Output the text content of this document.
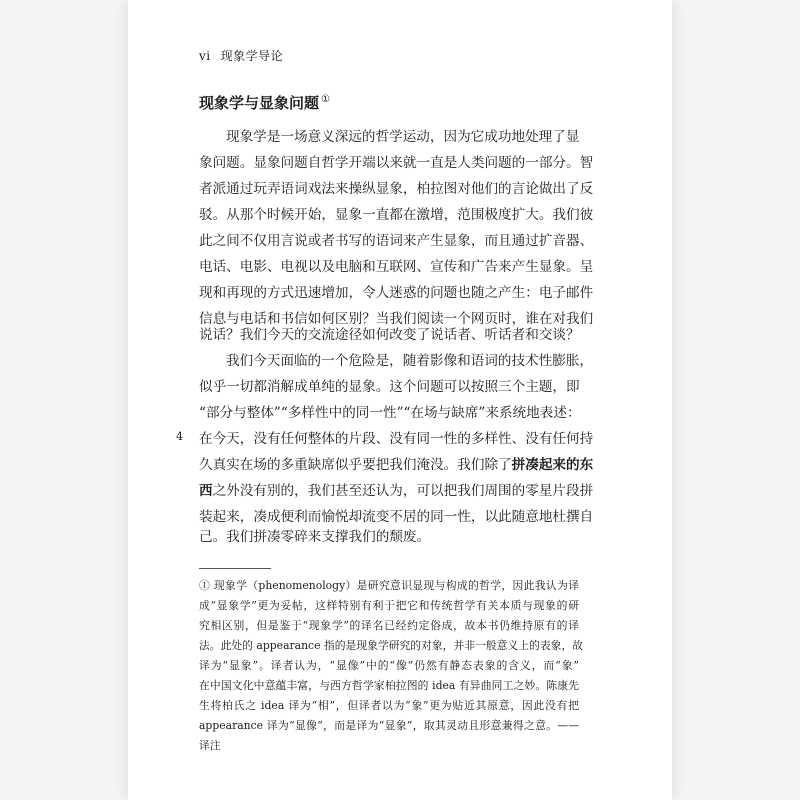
vi 现象学导论
现象学与显象问题 ①
现象学是一场意义深远的哲学运动，因为它成功地处理了显
象问题。显象问题自哲学开端以来就一直是人类问题的一部分。智
者派通过玩弄语词戏法来操纵显象，柏拉图对他们的言论做出了反
驳。从那个时候开始，显象一直都在激增，范围极度扩大。我们彼
此之间不仅用言说或者书写的语词来产生显象，而且通过扩音器、
电话、电影、电视以及电脑和互联网、宣传和广告来产生显象。呈
现和再现的方式迅速增加，令人迷惑的问题也随之产生：电子邮件
信息与电话和书信如何区别？当我们阅读一个网页时，谁在对我们
说话？我们今天的交流途径如何改变了说话者、听话者和交谈？
我们今天面临的一个危险是，随着影像和语词的技术性膨胀，
似乎一切都消解成单纯的显象。这个问题可以按照三个主题，即
“部分与整体”“多样性中的同一性”“在场与缺席”来系统地表述：
4 在今天，没有任何整体的片段、没有同一性的多样性、没有任何持
久真实在场的多重缺席似乎要把我们淹没。我们除了拼凑起来的东
西之外没有别的，我们甚至还认为，可以把我们周围的零星片段拼
装起来，凑成便利而愉悦却流变不居的同一性，以此随意地杜撰自
己。我们拼凑零碎来支撑我们的颓废。
① 现象学（phenomenology）是研究意识显现与构成的哲学，因此我认为译
成“显象学”更为妥帖，这样特别有利于把它和传统哲学有关本质与现象的研
究相区别，但是鉴于“现象学”的译名已经约定俗成，故本书仍维持原有的译
法。此处的 appearance 指的是现象学研究的对象，并非一般意义上的表象，故
译为“显象”。译者认为，“显像”中的“像”仍然有静态表象的含义，而“象”
在中国文化中意蕴丰富，与西方哲学家柏拉图的 idea 有异曲同工之妙。陈康先
生将柏氏之 idea 译为“相”，但译者以为“象”更为贴近其原意，因此没有把
appearance 译为“显像”，而是译为“显象”，取其灵动且形意兼得之意。——
译注
